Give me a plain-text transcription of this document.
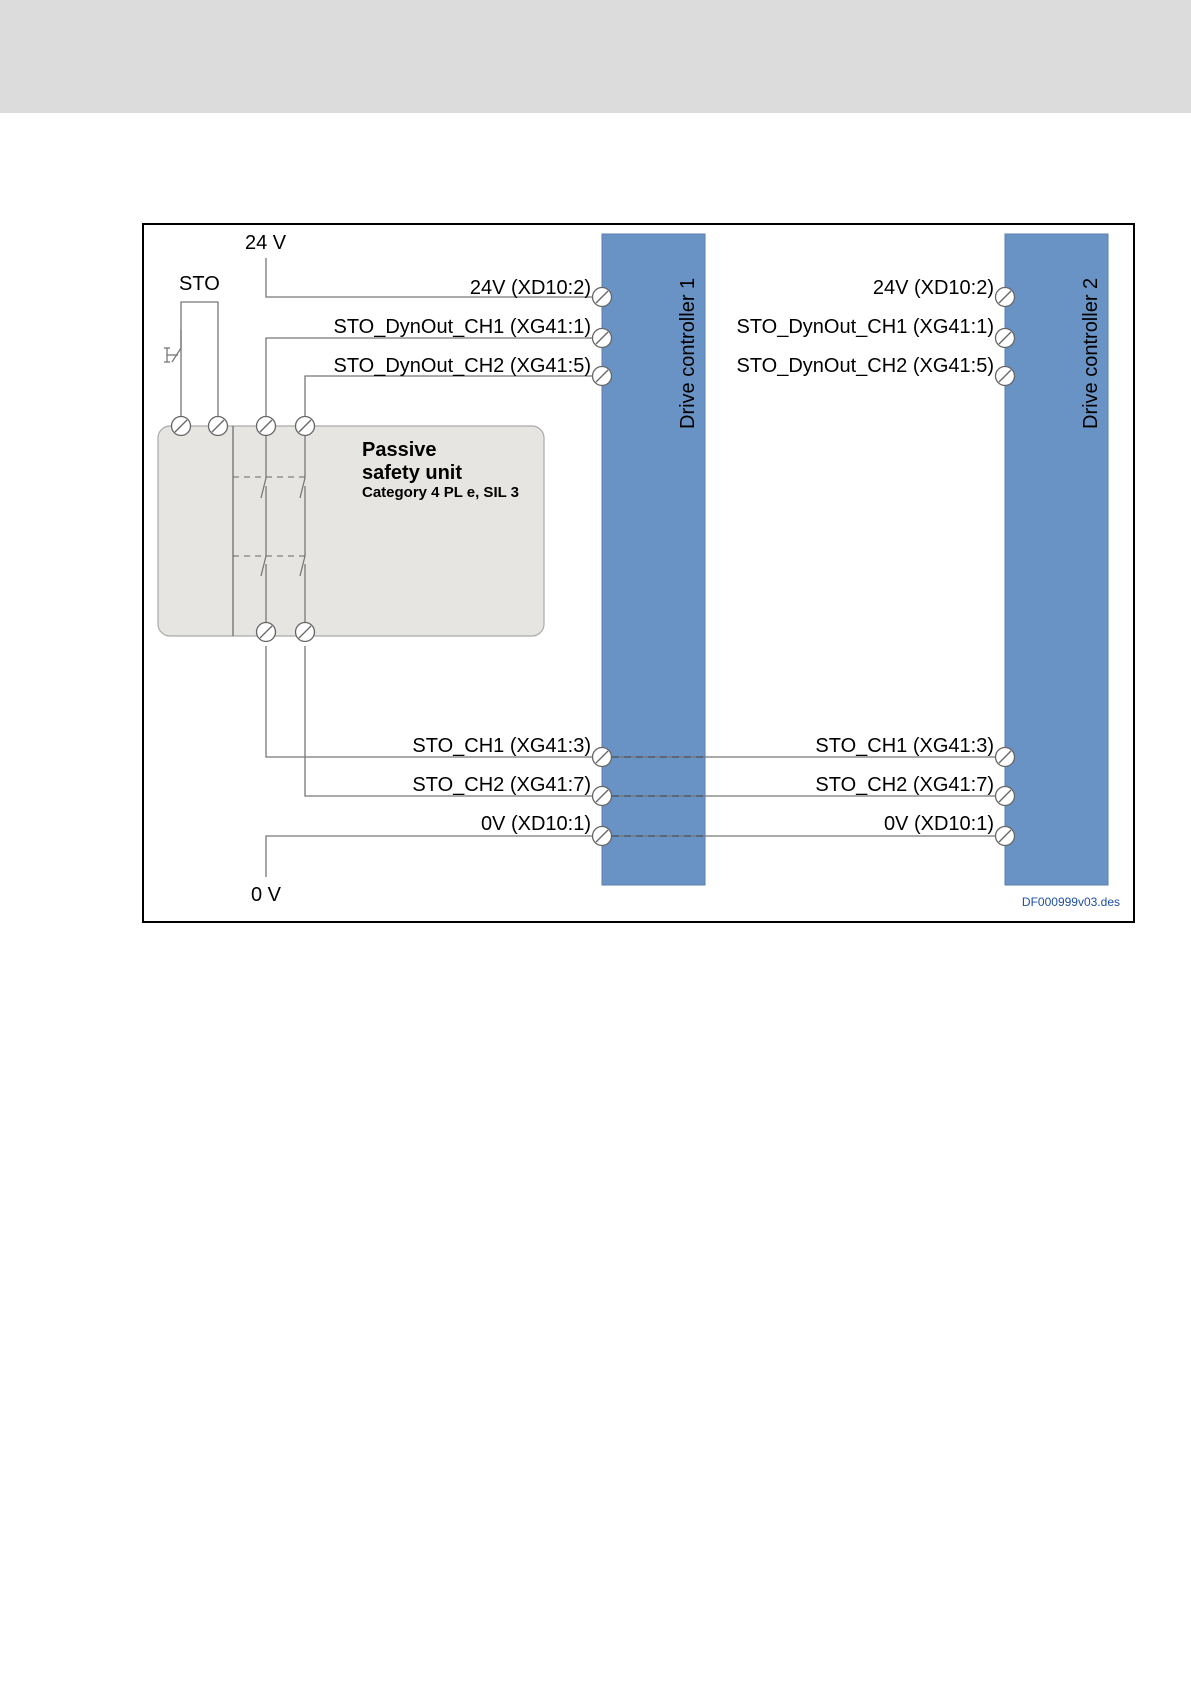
24 V
0 V
STO
Passive
safety unit
Category 4 PL e, SIL 3
24V (XD10:2)
STO_DynOut_CH1 (XG41:1)
STO_DynOut_CH2 (XG41:5)
STO_CH1 (XG41:3)
STO_CH2 (XG41:7)
0V (XD10:1)
24V (XD10:2)
STO_DynOut_CH1 (XG41:1)
STO_DynOut_CH2 (XG41:5)
STO_CH1 (XG41:3)
STO_CH2 (XG41:7)
0V (XD10:1)
Drive controller 1	Drive controller 2
DF000999v03.des
